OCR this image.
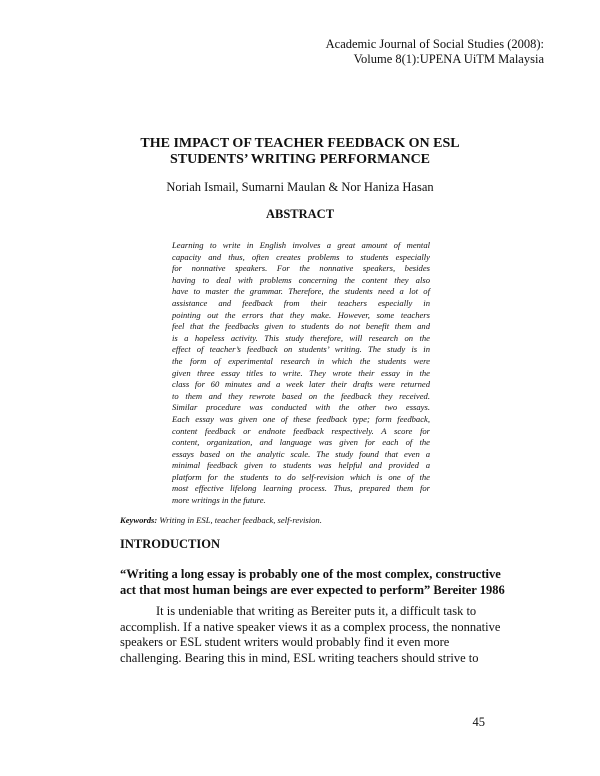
Academic Journal of Social Studies (2008):
Volume 8(1):UPENA UiTM Malaysia
THE IMPACT OF TEACHER FEEDBACK ON ESL
STUDENTS’ WRITING PERFORMANCE
Noriah Ismail, Sumarni Maulan & Nor Haniza Hasan
ABSTRACT
Learning to write in English involves a great amount of mental
capacity and thus, often creates problems to students especially
for nonnative speakers. For the nonnative speakers, besides
having to deal with problems concerning the content they also
have to master the grammar. Therefore, the students need a lot of
assistance and feedback from their teachers especially in
pointing out the errors that they make. However, some teachers
feel that the feedbacks given to students do not benefit them and
is a hopeless activity. This study therefore, will research on the
effect of teacher’s feedback on students’ writing. The study is in
the form of experimental research in which the students were
given three essay titles to write. They wrote their essay in the
class for 60 minutes and a week later their drafts were returned
to them and they rewrote based on the feedback they received.
Similar procedure was conducted with the other two essays.
Each essay was given one of these feedback type; form feedback,
content feedback or endnote feedback respectively. A score for
content, organization, and language was given for each of the
essays based on the analytic scale. The study found that even a
minimal feedback given to students was helpful and provided a
platform for the students to do self-revision which is one of the
most effective lifelong learning process. Thus, prepared them for
more writings in the future.
Keywords: Writing in ESL, teacher feedback, self-revision.
INTRODUCTION
“Writing a long essay is probably one of the most complex, constructive
act that most human beings are ever expected to perform” Bereiter 1986
It is undeniable that writing as Bereiter puts it, a difficult task to
accomplish. If a native speaker views it as a complex process, the nonnative
speakers or ESL student writers would probably find it even more
challenging. Bearing this in mind, ESL writing teachers should strive to
45
